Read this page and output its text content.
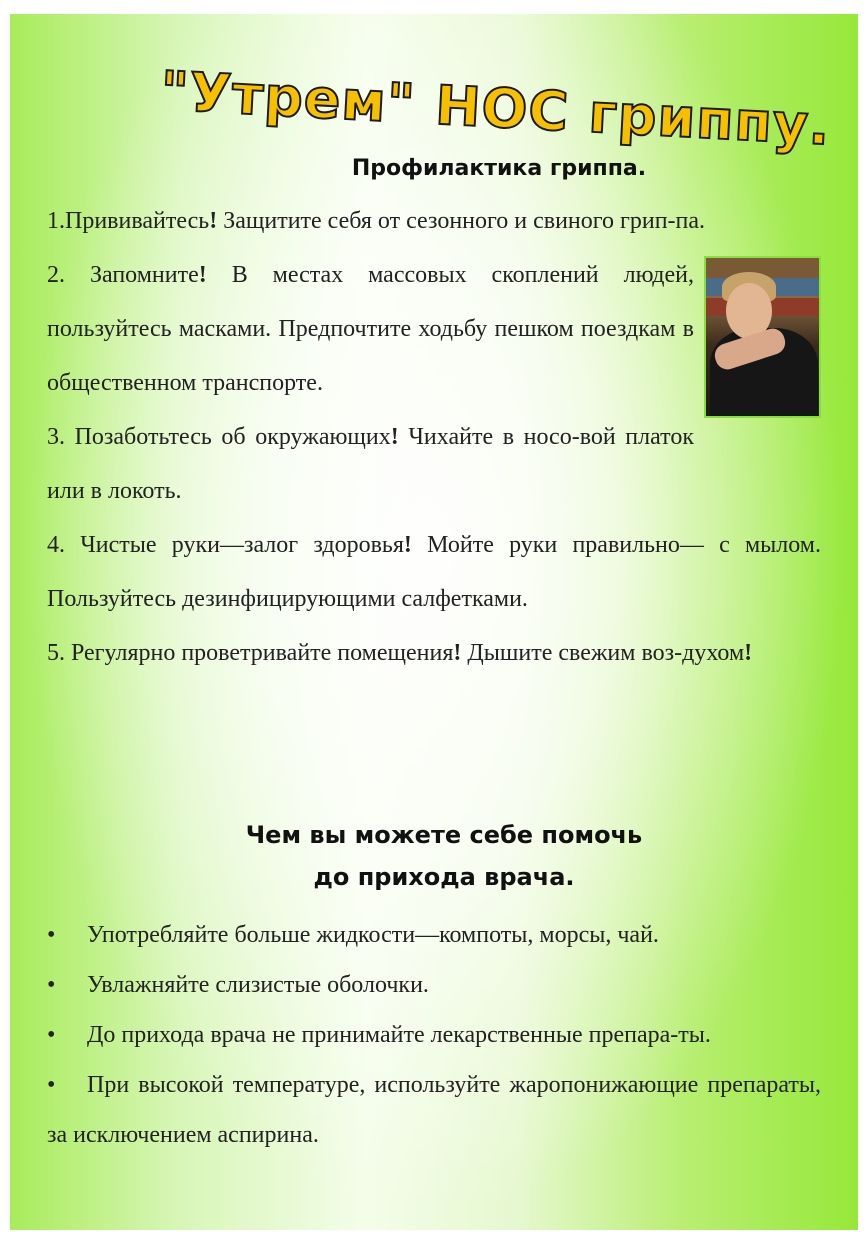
"Утрем" НОС гриппу.
Профилактика гриппа.

1.Прививайтесь! Защитите себя от сезонного и свиного грип-па.

2. Запомните! В местах массовых скоплений людей, пользуйтесь масками. Предпочтите ходьбу пешком поездкам в общественном транспорте.

3. Позаботьтесь об окружающих! Чихайте в носо-вой платок или в локоть.

4. Чистые руки—залог здоровья! Мойте руки правильно— с мылом. Пользуйтесь дезинфицирующими салфетками.

5. Регулярно проветривайте помещения! Дышите свежим воз-духом!

Чем вы можете себе помочь
до прихода врача.
• Употребляйте больше жидкости—компоты, морсы, чай.
• Увлажняйте слизистые оболочки.
• До прихода врача не принимайте лекарственные препара-ты.
• При высокой температуре, используйте жаропонижающие препараты, за исключением аспирина.
